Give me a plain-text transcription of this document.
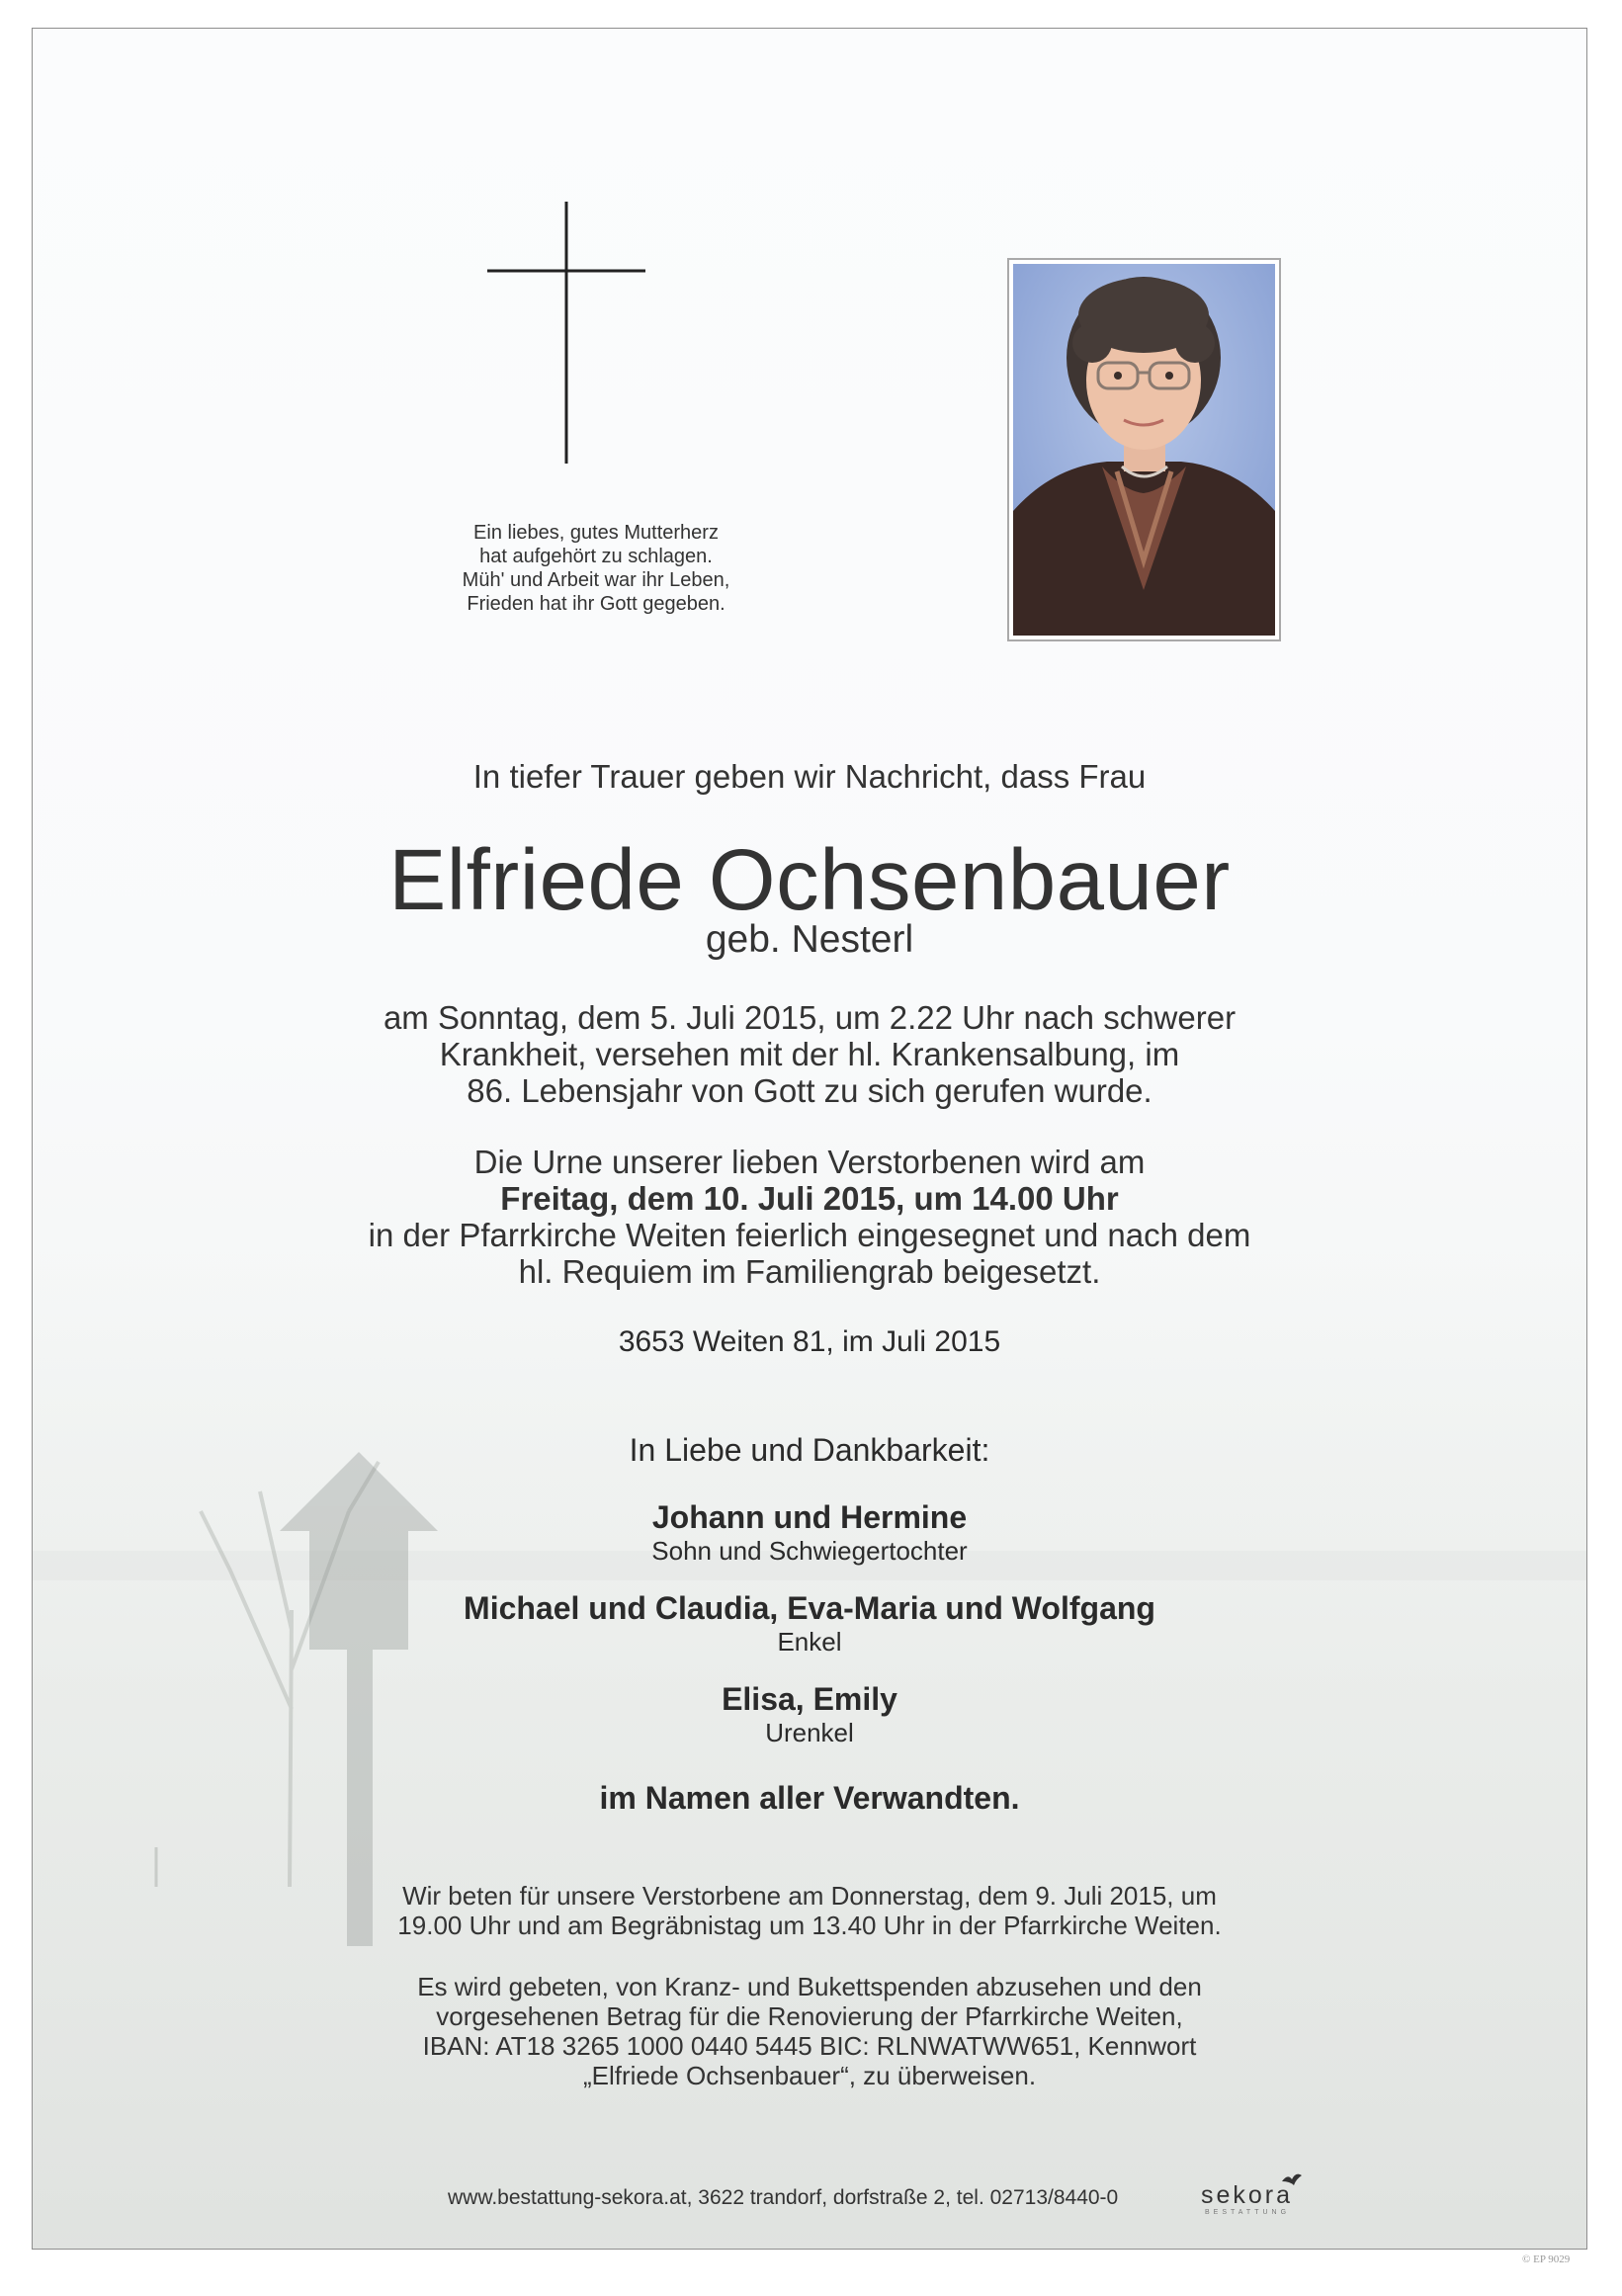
Ein liebes, gutes Mutterherz
hat aufgehört zu schlagen.
Müh' und Arbeit war ihr Leben,
Frieden hat ihr Gott gegeben.
In tiefer Trauer geben wir Nachricht, dass Frau
Elfriede Ochsenbauer
geb. Nesterl
am Sonntag, dem 5. Juli 2015, um 2.22 Uhr nach schwerer
Krankheit, versehen mit der hl. Krankensalbung, im
86. Lebensjahr von Gott zu sich gerufen wurde.
Die Urne unserer lieben Verstorbenen wird am
Freitag, dem 10. Juli 2015, um 14.00 Uhr
in der Pfarrkirche Weiten feierlich eingesegnet und nach dem
hl. Requiem im Familiengrab beigesetzt.
3653 Weiten 81, im Juli 2015
In Liebe und Dankbarkeit:
Johann und Hermine
Sohn und Schwiegertochter
Michael und Claudia, Eva-Maria und Wolfgang
Enkel
Elisa, Emily
Urenkel
im Namen aller Verwandten.
Wir beten für unsere Verstorbene am Donnerstag, dem 9. Juli 2015, um
19.00 Uhr und am Begräbnistag um 13.40 Uhr in der Pfarrkirche Weiten.
Es wird gebeten, von Kranz- und Bukettspenden abzusehen und den
vorgesehenen Betrag für die Renovierung der Pfarrkirche Weiten,
IBAN: AT18 3265 1000 0440 5445 BIC: RLNWATWW651, Kennwort
„Elfriede Ochsenbauer“, zu überweisen.
www.bestattung-sekora.at, 3622 trandorf, dorfstraße 2, tel. 02713/8440-0	sekora
BESTATTUNG
© EP 9029
